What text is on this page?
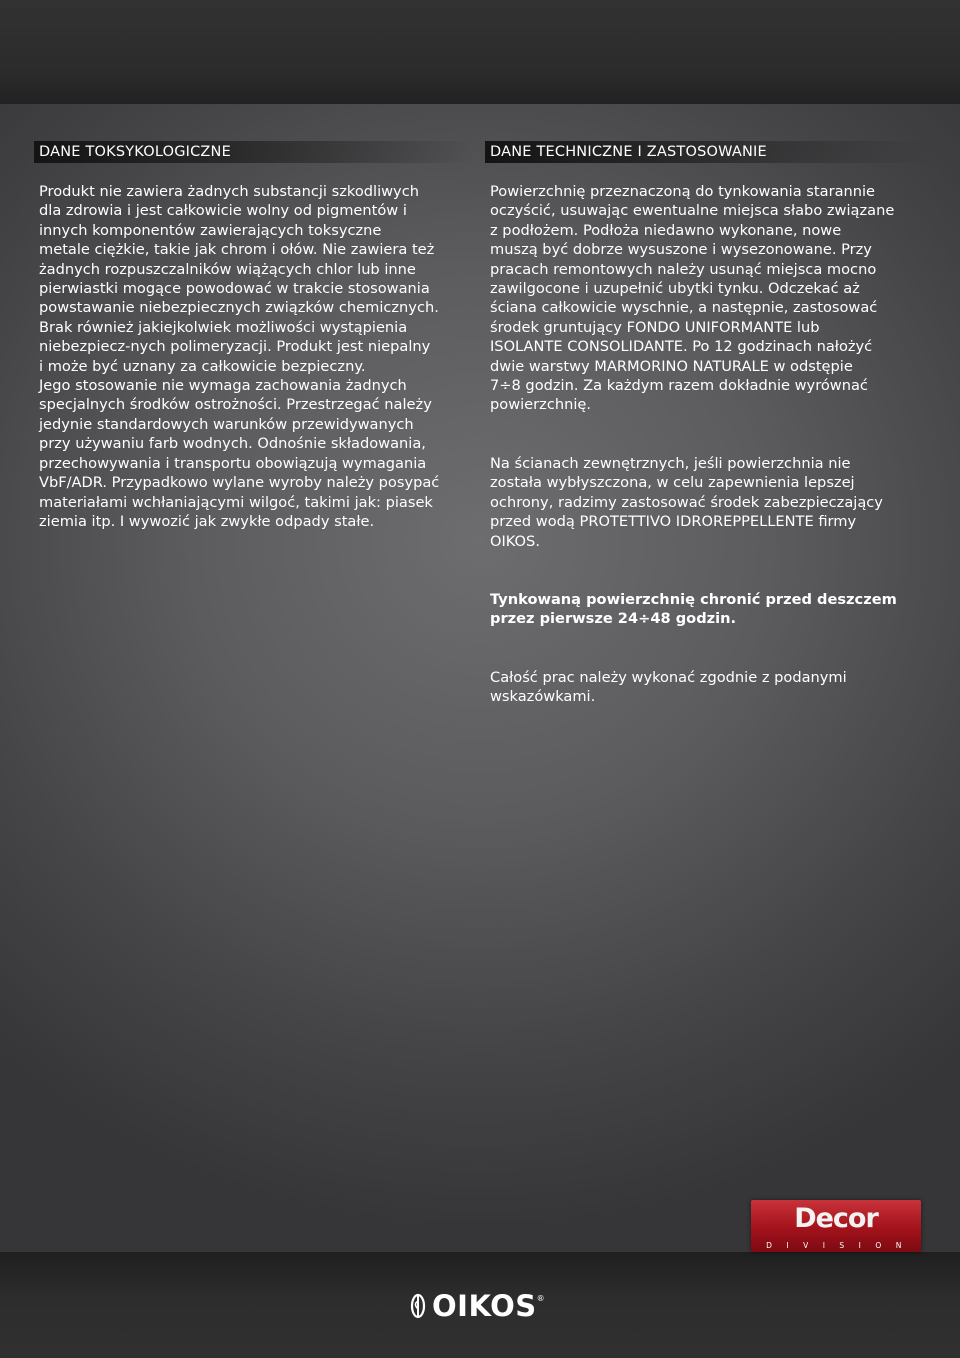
DANE TOKSYKOLOGICZNE

Produkt nie zawiera żadnych substancji szkodliwych
dla zdrowia i jest całkowicie wolny od pigmentów i
innych komponentów zawierających toksyczne
metale ciężkie, takie jak chrom i ołów. Nie zawiera też
żadnych rozpuszczalników wiążących chlor lub inne
pierwiastki mogące powodować w trakcie stosowania
powstawanie niebezpiecznych związków chemicznych.
Brak również jakiejkolwiek możliwości wystąpienia
niebezpiecz-nych polimeryzacji. Produkt jest niepalny
i może być uznany za całkowicie bezpieczny.
Jego stosowanie nie wymaga zachowania żadnych
specjalnych środków ostrożności. Przestrzegać należy
jedynie standardowych warunków przewidywanych
przy używaniu farb wodnych. Odnośnie składowania,
przechowywania i transportu obowiązują wymagania
VbF/ADR. Przypadkowo wylane wyroby należy posypać
materiałami wchłaniającymi wilgoć, takimi jak: piasek
ziemia itp. I wywozić jak zwykłe odpady stałe.

DANE TECHNICZNE I ZASTOSOWANIE

Powierzchnię przeznaczoną do tynkowania starannie
oczyścić, usuwając ewentualne miejsca słabo związane
z podłożem. Podłoża niedawno wykonane, nowe
muszą być dobrze wysuszone i wysezonowane. Przy
pracach remontowych należy usunąć miejsca mocno
zawilgocone i uzupełnić ubytki tynku. Odczekać aż
ściana całkowicie wyschnie, a następnie, zastosować
środek gruntujący FONDO UNIFORMANTE lub
ISOLANTE CONSOLIDANTE. Po 12 godzinach nałożyć
dwie warstwy MARMORINO NATURALE w odstępie
7÷8 godzin. Za każdym razem dokładnie wyrównać
powierzchnię.

Na ścianach zewnętrznych, jeśli powierzchnia nie
została wybłyszczona, w celu zapewnienia lepszej
ochrony, radzimy zastosować środek zabezpieczający
przed wodą PROTETTIVO IDROREPPELLENTE firmy
OIKOS.

Tynkowaną powierzchnię chronić przed deszczem
przez pierwsze 24÷48 godzin.

Całość prac należy wykonać zgodnie z podanymi
wskazówkami.

Decor
DIVISION
OIKOS ®
